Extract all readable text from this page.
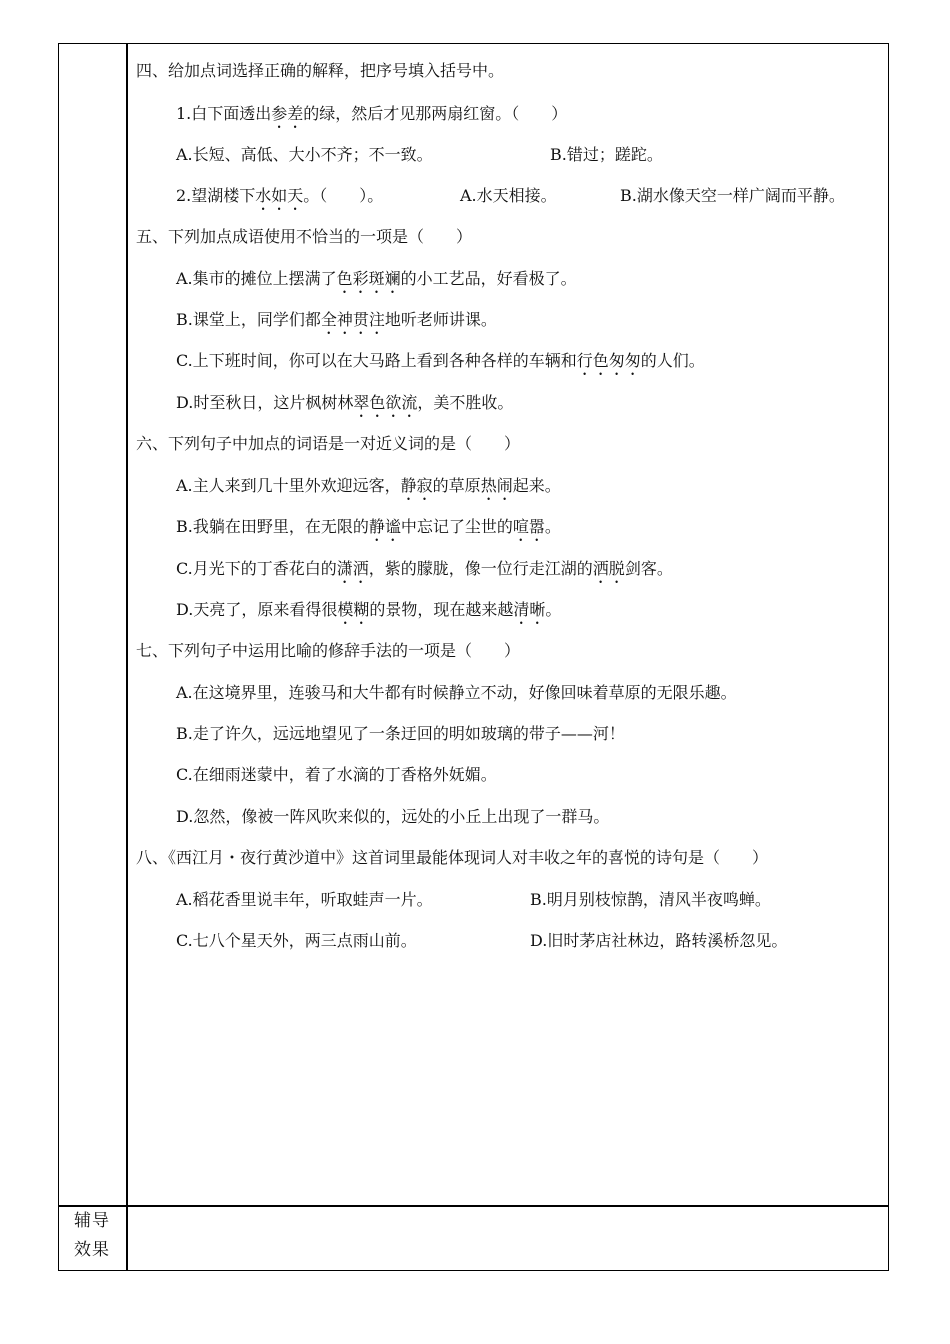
四、给加点词选择正确的解释，把序号填入括号中。
1.白下面透出参差的绿，然后才见那两扇红窗。（　　）
A.长短、高低、大小不齐；不一致。	B.错过；蹉跎。
2.望湖楼下水如天。（　　）。	A.水天相接。	B.湖水像天空一样广阔而平静。
五、下列加点成语使用不恰当的一项是（　　）
A.集市的摊位上摆满了色彩斑斓的小工艺品，好看极了。
B.课堂上，同学们都全神贯注地听老师讲课。
C.上下班时间，你可以在大马路上看到各种各样的车辆和行色匆匆的人们。
D.时至秋日，这片枫树林翠色欲流，美不胜收。
六、下列句子中加点的词语是一对近义词的是（　　）
A.主人来到几十里外欢迎远客，静寂的草原热闹起来。
B.我躺在田野里，在无限的静谧中忘记了尘世的喧嚣。
C.月光下的丁香花白的潇洒，紫的朦胧，像一位行走江湖的洒脱剑客。
D.天亮了，原来看得很模糊的景物，现在越来越清晰。
七、下列句子中运用比喻的修辞手法的一项是（　　）
A.在这境界里，连骏马和大牛都有时候静立不动，好像回味着草原的无限乐趣。
B.走了许久，远远地望见了一条迂回的明如玻璃的带子——河！
C.在细雨迷蒙中，着了水滴的丁香格外妩媚。
D.忽然，像被一阵风吹来似的，远处的小丘上出现了一群马。
八、《西江月・夜行黄沙道中》这首词里最能体现词人对丰收之年的喜悦的诗句是（　　）
A.稻花香里说丰年，听取蛙声一片。	B.明月别枝惊鹊，清风半夜鸣蝉。
C.七八个星天外，两三点雨山前。	D.旧时茅店社林边，路转溪桥忽见。
辅导
效果
